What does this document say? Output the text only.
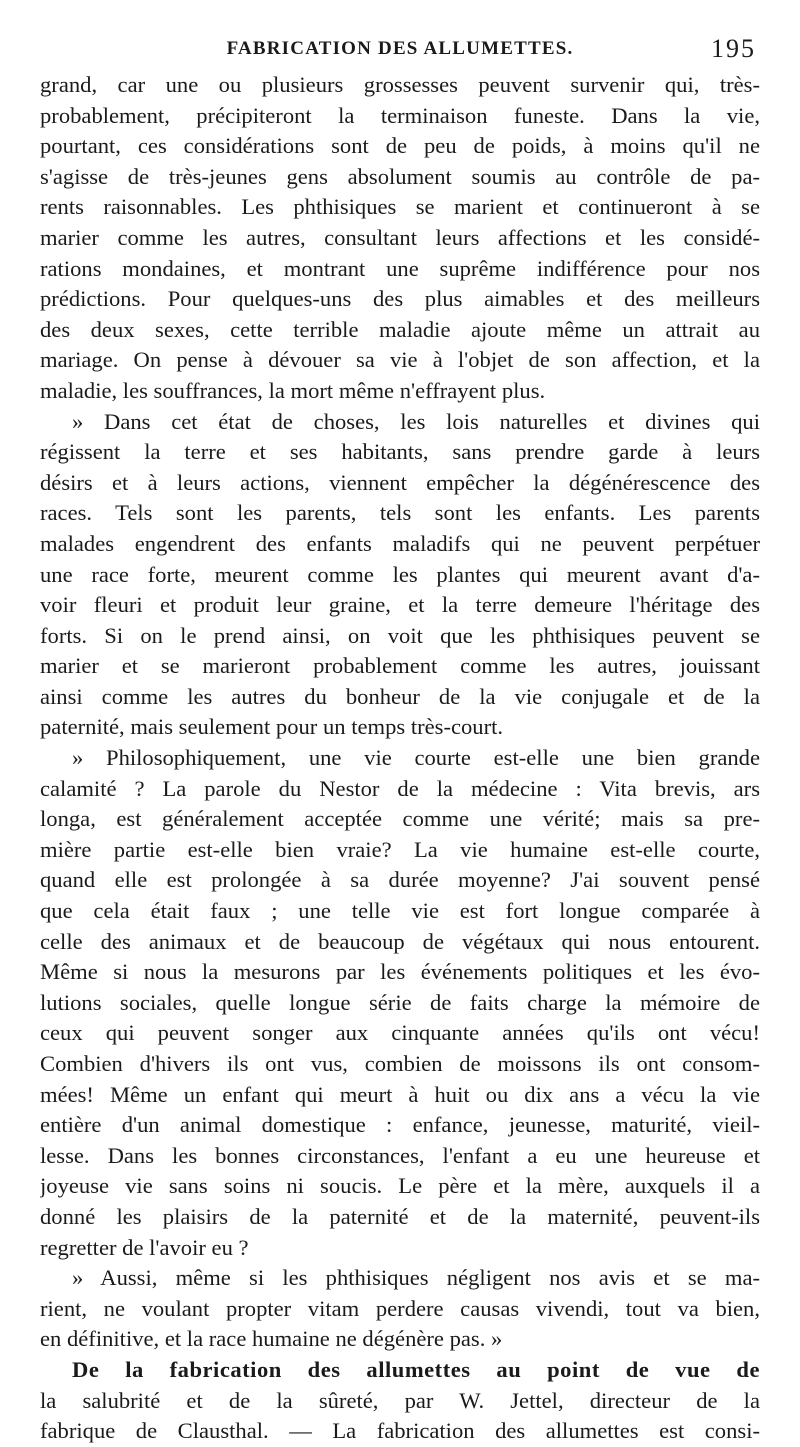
FABRICATION DES ALLUMETTES.	195
grand, car une ou plusieurs grossesses peuvent survenir qui, très-
probablement, précipiteront la terminaison funeste. Dans la vie,
pourtant, ces considérations sont de peu de poids, à moins qu'il ne
s'agisse de très-jeunes gens absolument soumis au contrôle de pa-
rents raisonnables. Les phthisiques se marient et continueront à se
marier comme les autres, consultant leurs affections et les considé-
rations mondaines, et montrant une suprême indifférence pour nos
prédictions. Pour quelques-uns des plus aimables et des meilleurs
des deux sexes, cette terrible maladie ajoute même un attrait au
mariage. On pense à dévouer sa vie à l'objet de son affection, et la
maladie, les souffrances, la mort même n'effrayent plus.
» Dans cet état de choses, les lois naturelles et divines qui
régissent la terre et ses habitants, sans prendre garde à leurs
désirs et à leurs actions, viennent empêcher la dégénérescence des
races. Tels sont les parents, tels sont les enfants. Les parents
malades engendrent des enfants maladifs qui ne peuvent perpétuer
une race forte, meurent comme les plantes qui meurent avant d'a-
voir fleuri et produit leur graine, et la terre demeure l'héritage des
forts. Si on le prend ainsi, on voit que les phthisiques peuvent se
marier et se marieront probablement comme les autres, jouissant
ainsi comme les autres du bonheur de la vie conjugale et de la
paternité, mais seulement pour un temps très-court.
» Philosophiquement, une vie courte est-elle une bien grande
calamité ? La parole du Nestor de la médecine : Vita brevis, ars
longa, est généralement acceptée comme une vérité; mais sa pre-
mière partie est-elle bien vraie? La vie humaine est-elle courte,
quand elle est prolongée à sa durée moyenne? J'ai souvent pensé
que cela était faux ; une telle vie est fort longue comparée à
celle des animaux et de beaucoup de végétaux qui nous entourent.
Même si nous la mesurons par les événements politiques et les évo-
lutions sociales, quelle longue série de faits charge la mémoire de
ceux qui peuvent songer aux cinquante années qu'ils ont vécu!
Combien d'hivers ils ont vus, combien de moissons ils ont consom-
mées! Même un enfant qui meurt à huit ou dix ans a vécu la vie
entière d'un animal domestique : enfance, jeunesse, maturité, vieil-
lesse. Dans les bonnes circonstances, l'enfant a eu une heureuse et
joyeuse vie sans soins ni soucis. Le père et la mère, auxquels il a
donné les plaisirs de la paternité et de la maternité, peuvent-ils
regretter de l'avoir eu ?
» Aussi, même si les phthisiques négligent nos avis et se ma-
rient, ne voulant propter vitam perdere causas vivendi, tout va bien,
en définitive, et la race humaine ne dégénère pas. »
De la fabrication des allumettes au point de vue de
la salubrité et de la sûreté, par W. Jettel, directeur de la
fabrique de Clausthal. — La fabrication des allumettes est consi-
